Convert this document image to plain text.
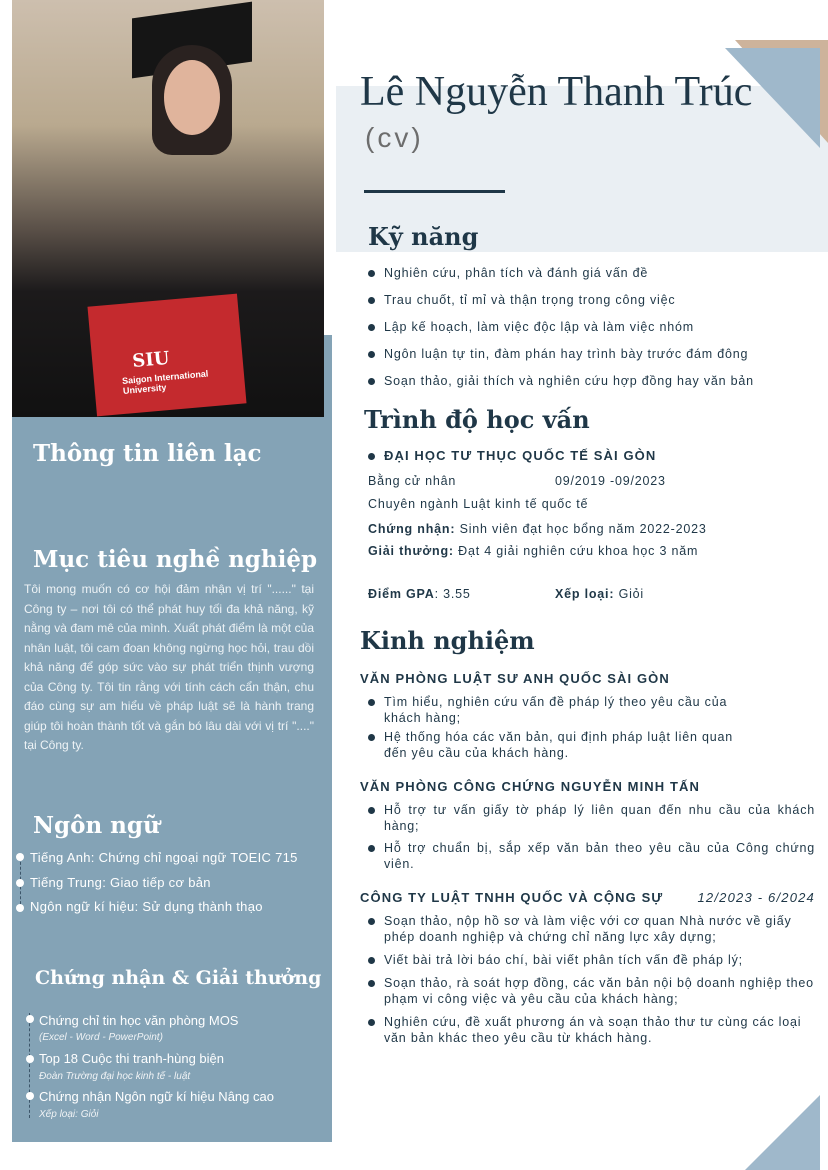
SIU
Saigon International University
Thông tin liên lạc
Mục tiêu nghề nghiệp
Tôi mong muốn có cơ hội đảm nhận vị trí "......" tại Công ty – nơi tôi có thể phát huy tối đa khả năng, kỹ nằng và đam mê của mình. Xuất phát điểm là một của nhân luật, tôi cam đoan không ngừng học hỏi, trau dồi khả năng để góp sức vào sự phát triển thịnh vượng của Công ty. Tôi tin rằng với tính cách cẩn thận, chu đáo cùng sự am hiểu về pháp luật sẽ là hành trang giúp tôi hoàn thành tốt và gắn bó lâu dài với vị trí "...." tại Công ty.
Ngôn ngữ
Tiếng Anh: Chứng chỉ ngoại ngữ TOEIC 715
Tiếng Trung: Giao tiếp cơ bản
Ngôn ngữ kí hiệu: Sử dụng thành thạo
Chứng nhận & Giải thưởng
Chứng chỉ tin học văn phòng MOS
(Excel - Word - PowerPoint)
Top 18 Cuộc thi tranh-hùng biện
Đoàn Trường đại học kinh tế - luật
Chứng nhận Ngôn ngữ kí hiệu Nâng cao
Xếp loại: Giỏi
Lê Nguyễn Thanh Trúc
(cv)
Kỹ năng
Nghiên cứu, phân tích và đánh giá vấn đề
Trau chuốt, tỉ mỉ và thận trọng trong công việc
Lập kế hoạch, làm việc độc lập và làm việc nhóm
Ngôn luận tự tin, đàm phán hay trình bày trước đám đông
Soạn thảo, giải thích và nghiên cứu hợp đồng hay văn bản
Trình độ học vấn
ĐẠI HỌC TƯ THỤC QUỐC TẾ SÀI GÒN
Bằng cử nhân	09/2019 -09/2023
Chuyên ngành Luật kinh tế quốc tế
Chứng nhận: Sinh viên đạt học bổng năm 2022-2023
Giải thưởng: Đạt 4 giải nghiên cứu khoa học 3 năm
Điểm GPA: 3.55	Xếp loại: Giỏi
Kinh nghiệm
VĂN PHÒNG LUẬT SƯ ANH QUỐC SÀI GÒN
Tìm hiểu, nghiên cứu vấn đề pháp lý theo yêu cầu của khách hàng;
Hệ thống hóa các văn bản, qui định pháp luật liên quan đến yêu cầu của khách hàng.
VĂN PHÒNG CÔNG CHỨNG NGUYỄN MINH TẤN
Hỗ trợ tư vấn giấy tờ pháp lý liên quan đến nhu cầu của khách hàng;
Hỗ trợ chuẩn bị, sắp xếp văn bản theo yêu cầu của Công chứng viên.
CÔNG TY LUẬT TNHH QUỐC VÀ CỘNG SỰ	12/2023 - 6/2024
Soạn thảo, nộp hồ sơ và làm việc với cơ quan Nhà nước về giấy phép doanh nghiệp và chứng chỉ năng lực xây dựng;
Viết bài trả lời báo chí, bài viết phân tích vấn đề pháp lý;
Soạn thảo, rà soát hợp đồng, các văn bản nội bộ doanh nghiệp theo phạm vi công việc và yêu cầu của khách hàng;
Nghiên cứu, đề xuất phương án và soạn thảo thư tư cùng các loại văn bản khác theo yêu cầu từ khách hàng.
